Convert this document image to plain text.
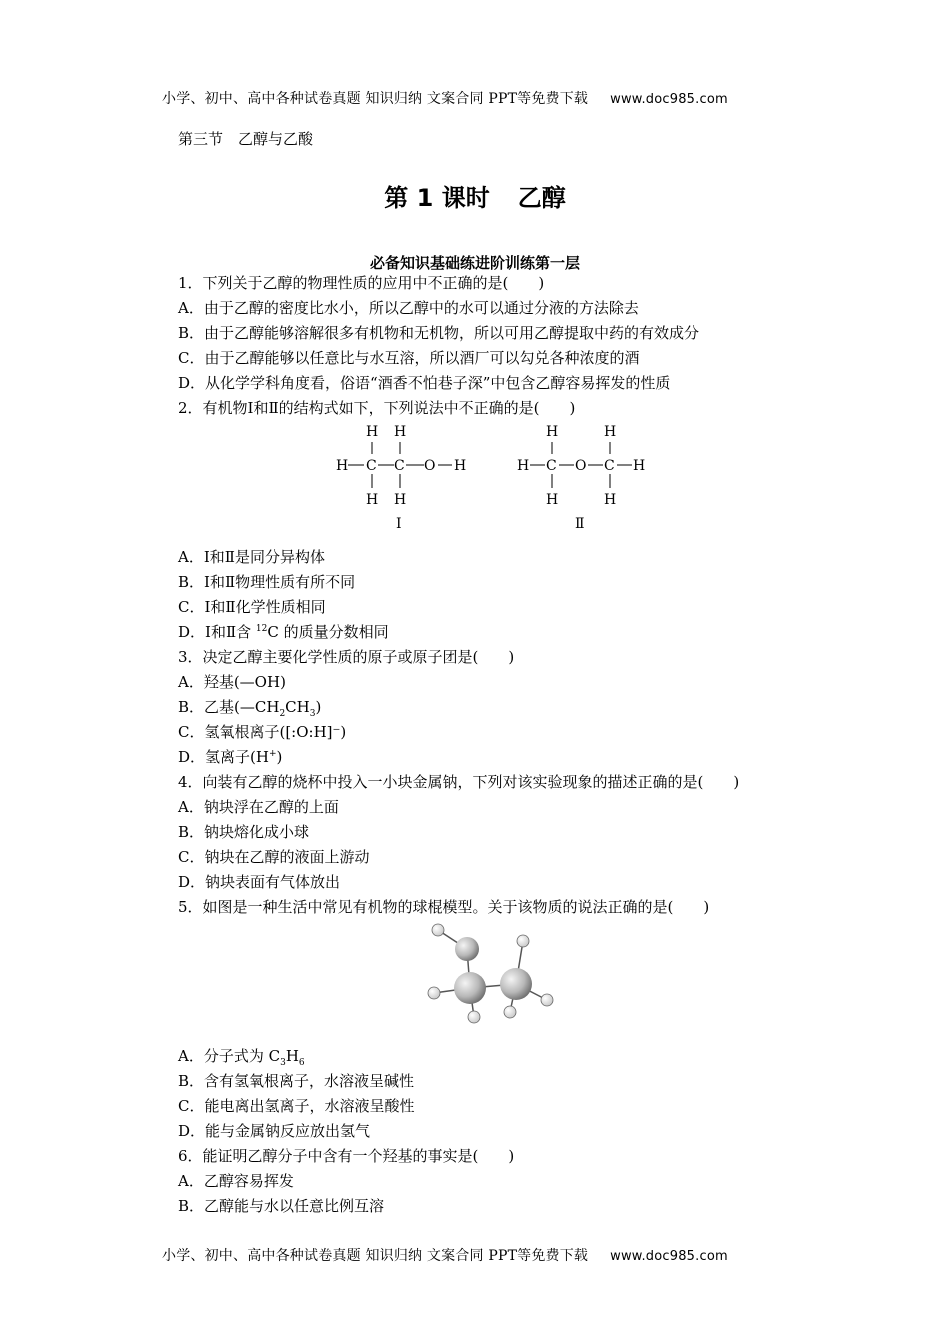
小学、初中、高中各种试卷真题 知识归纳 文案合同 PPT等免费下载 www.doc985.com
第三节　乙醇与乙酸
第 1 课时 乙醇
必备知识基础练进阶训练第一层
1．下列关于乙醇的物理性质的应用中不正确的是(　　)
A．由于乙醇的密度比水小，所以乙醇中的水可以通过分液的方法除去
B．由于乙醇能够溶解很多有机物和无机物，所以可用乙醇提取中药的有效成分
C．由于乙醇能够以任意比与水互溶，所以酒厂可以勾兑各种浓度的酒
D．从化学学科角度看，俗语“酒香不怕巷子深”中包含乙醇容易挥发的性质
2．有机物Ⅰ和Ⅱ的结构式如下，下列说法中不正确的是(　　)
H H
H C C O H
H H
Ⅰ
H	H
H C O C H
H	H
Ⅱ
A．Ⅰ和Ⅱ是同分异构体
B．Ⅰ和Ⅱ物理性质有所不同
C．Ⅰ和Ⅱ化学性质相同
D．Ⅰ和Ⅱ含 $^{12}$C 的质量分数相同
3．决定乙醇主要化学性质的原子或原子团是(　　)
A．羟基(—OH)
B．乙基$(—CH_2CH_3)$
C．氢氧根离子([:O:H]⁻)
D．氢离子(H+)
4．向装有乙醇的烧杯中投入一小块金属钠，下列对该实验现象的描述正确的是(　　)
A．钠块浮在乙醇的上面
B．钠块熔化成小球
C．钠块在乙醇的液面上游动
D．钠块表面有气体放出
5．如图是一种生活中常见有机物的球棍模型。关于该物质的说法正确的是(　　)
A．分子式为 $C_3H_6$
B．含有氢氧根离子，水溶液呈碱性
C．能电离出氢离子，水溶液呈酸性
D．能与金属钠反应放出氢气
6．能证明乙醇分子中含有一个羟基的事实是(　　)
A．乙醇容易挥发
B．乙醇能与水以任意比例互溶
小学、初中、高中各种试卷真题 知识归纳 文案合同 PPT等免费下载 www.doc985.com
